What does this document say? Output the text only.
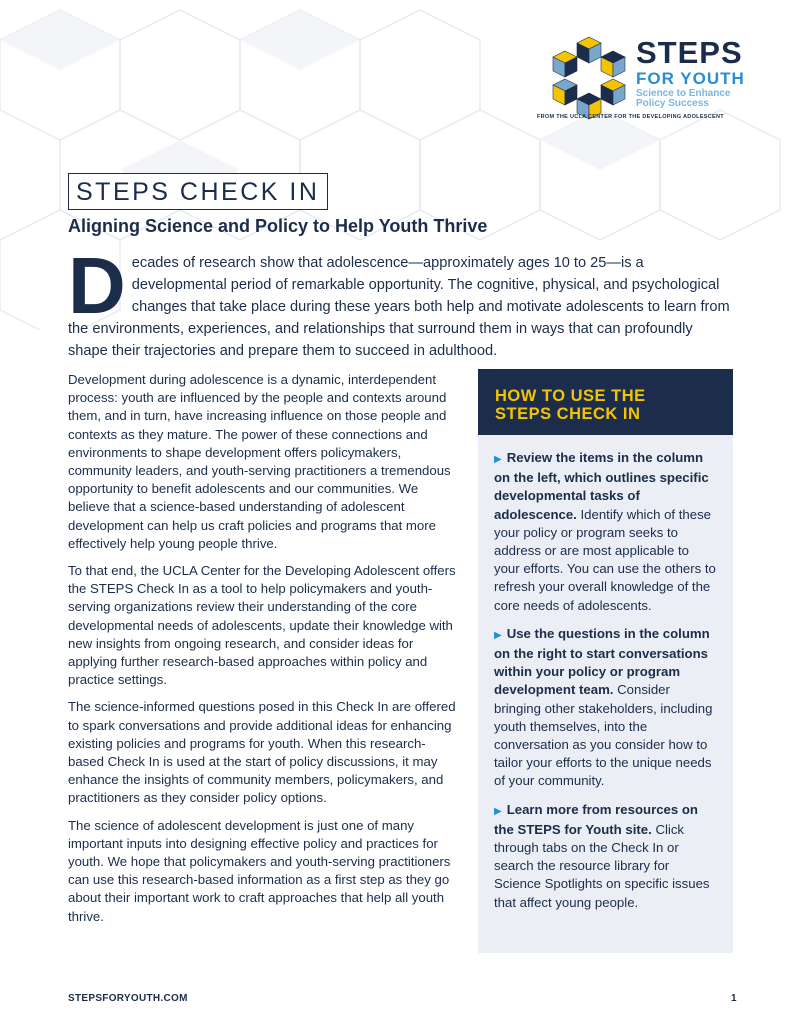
STEPS
FOR YOUTH
Science to Enhance Policy Success
FROM THE UCLA CENTER FOR THE DEVELOPING ADOLESCENT
STEPS CHECK IN
Aligning Science and Policy to Help Youth Thrive
Decades of research show that adolescence—approximately ages 10 to 25—is a developmental period of remarkable opportunity. The cognitive, physical, and psychological changes that take place during these years both help and motivate adolescents to learn from the environments, experiences, and relationships that surround them in ways that can profoundly shape their trajectories and prepare them to succeed in adulthood.

Development during adolescence is a dynamic, interdependent process: youth are influenced by the people and contexts around them, and in turn, have increasing influence on those people and contexts as they mature. The power of these connections and environments to shape development offers policymakers, community leaders, and youth-serving practitioners a tremendous opportunity to benefit adolescents and our communities. We believe that a science-based understanding of adolescent development can help us craft policies and programs that more effectively help young people thrive.

To that end, the UCLA Center for the Developing Adolescent offers the STEPS Check In as a tool to help policymakers and youth-serving organizations review their understanding of the core developmental needs of adolescents, update their knowledge with new insights from ongoing research, and consider ideas for applying further research-based approaches within policy and practice settings.

The science-informed questions posed in this Check In are offered to spark conversations and provide additional ideas for enhancing existing policies and programs for youth. When this research-based Check In is used at the start of policy discussions, it may enhance the insights of community members, policymakers, and practitioners as they consider policy options.

The science of adolescent development is just one of many important inputs into designing effective policy and practices for youth. We hope that policymakers and youth-serving practitioners can use this research-based information as a first step as they go about their important work to craft approaches that help all youth thrive.

HOW TO USE THE
STEPS CHECK IN

▶ Review the items in the column on the left, which outlines specific developmental tasks of adolescence. Identify which of these your policy or program seeks to address or are most applicable to your efforts. You can use the others to refresh your overall knowledge of the core needs of adolescents.

▶ Use the questions in the column on the right to start conversations within your policy or program development team. Consider bringing other stakeholders, including youth themselves, into the conversation as you consider how to tailor your efforts to the unique needs of your community.

▶ Learn more from resources on the STEPS for Youth site. Click through tabs on the Check In or search the resource library for Science Spotlights on specific issues that affect young people.

STEPSFORYOUTH.COM	1
